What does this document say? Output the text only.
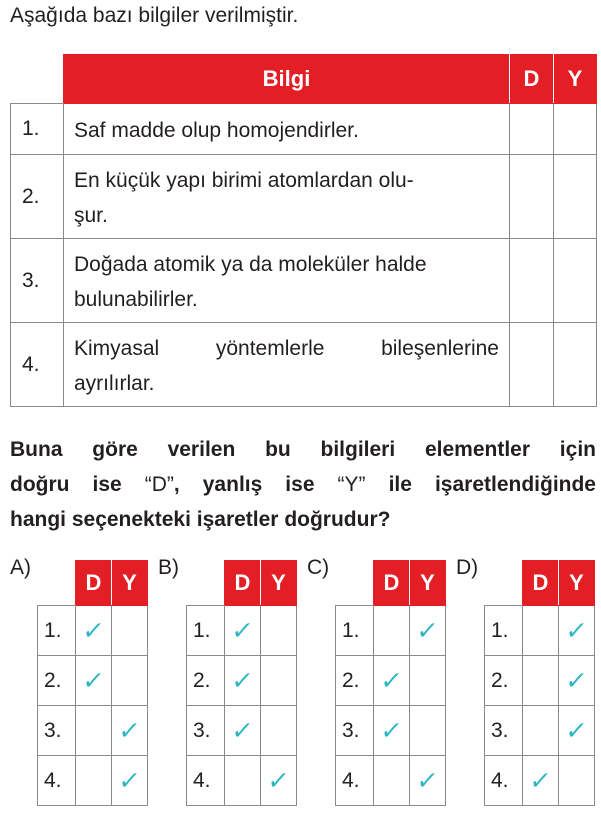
Aşağıda bazı bilgiler verilmiştir.
	Bilgi	D	Y
1.	Saf madde olup homojendirler.		
2.	En küçük yapı birimi atomlardan olu-
şur.		
3.	Doğada atomik ya da moleküler halde
bulunabilirler.		
4.	Kimyasal yöntemlerle bileşenlerine
ayrılırlar.		

Buna göre verilen bu bilgileri elementler için
doğru ise “D”, yanlış ise “Y” ile işaretlendiğinde
hangi seçenekteki işaretler doğrudur?
A)
	D	Y
1.	✓	
2.	✓	
3.		✓
4.		✓
B)
	D	Y
1.	✓	
2.	✓	
3.	✓	
4.		✓
C)
	D	Y
1.		✓
2.	✓	
3.	✓	
4.		✓
D)
	D	Y
1.		✓
2.		✓
3.		✓
4.	✓	
